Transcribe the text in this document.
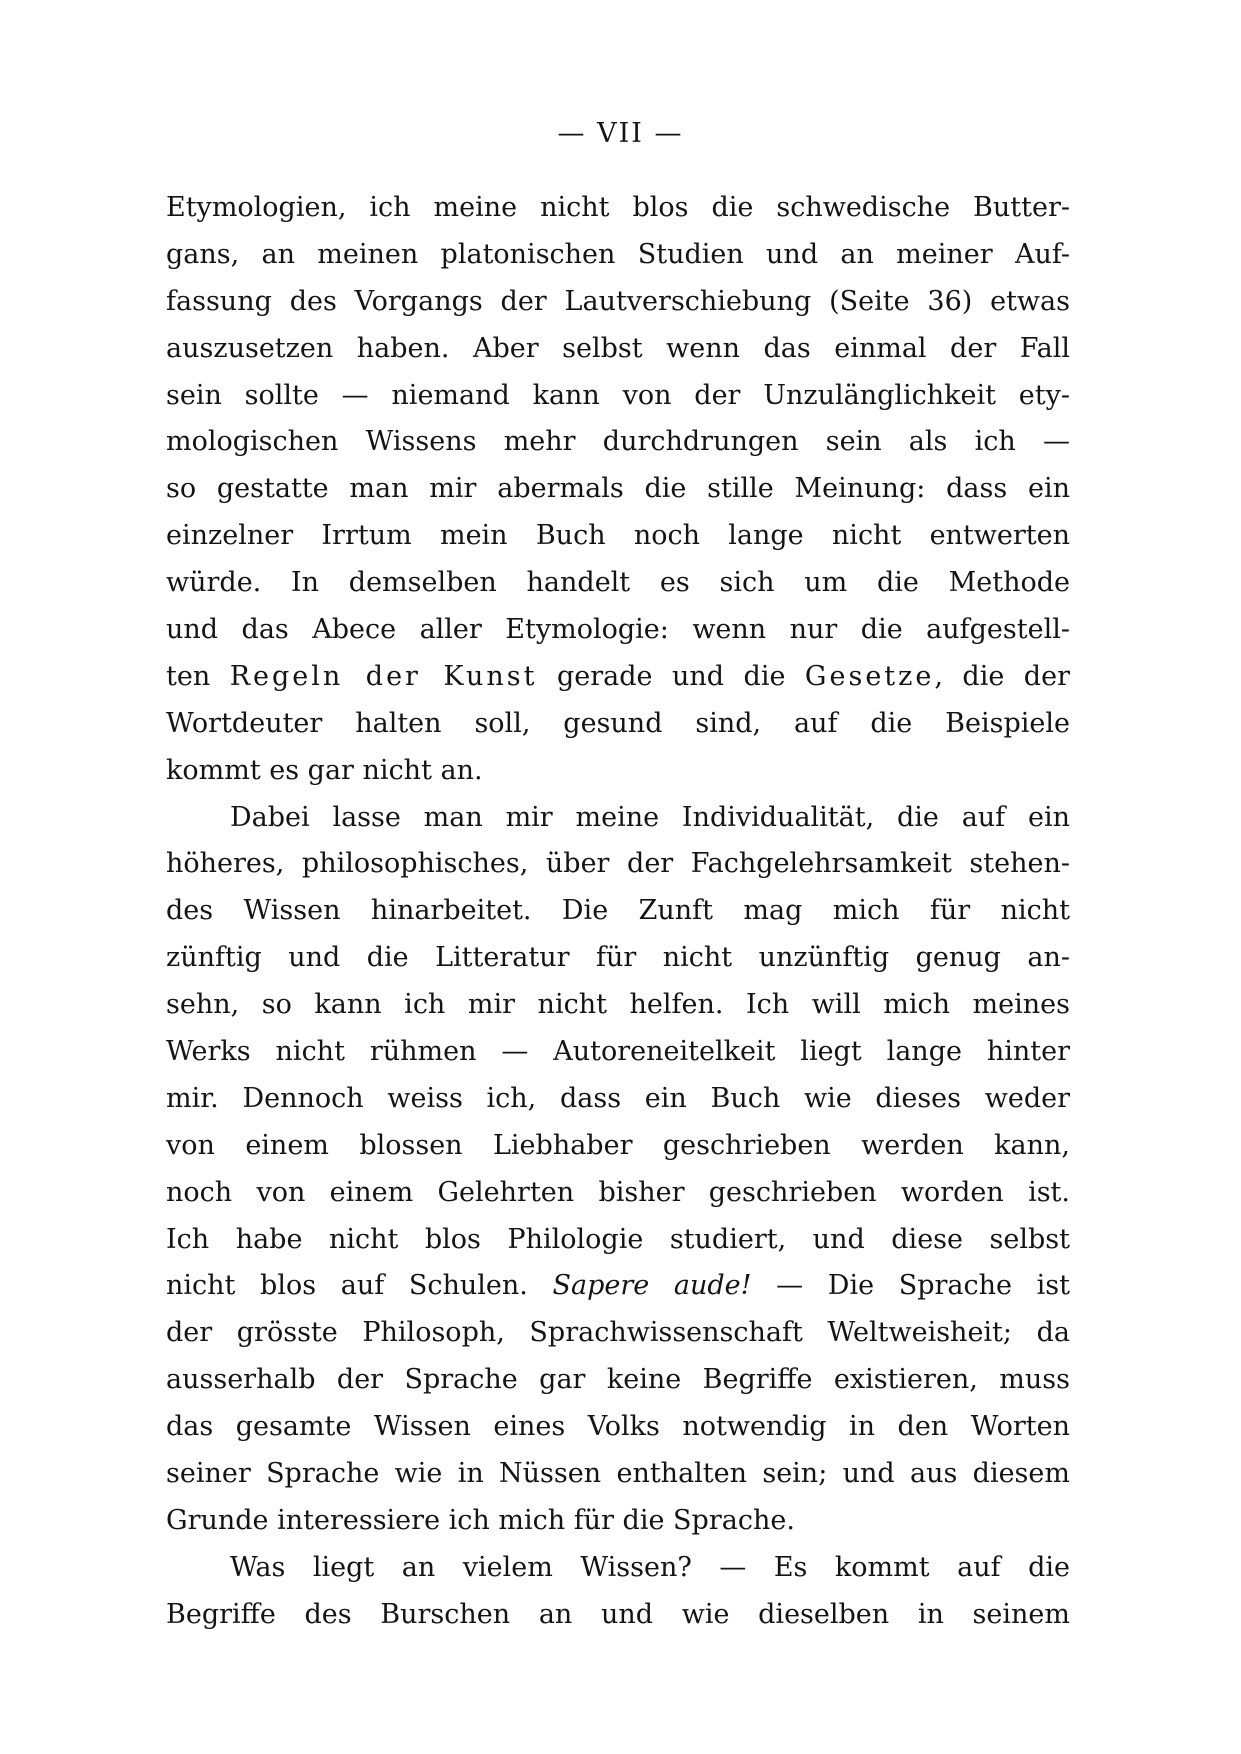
— VII —
Etymologien, ich meine nicht blos die schwedische Butter-
gans, an meinen platonischen Studien und an meiner Auf-
fassung des Vorgangs der Lautverschiebung (Seite 36) etwas
auszusetzen haben. Aber selbst wenn das einmal der Fall
sein sollte — niemand kann von der Unzulänglichkeit ety-
mologischen Wissens mehr durchdrungen sein als ich —
so gestatte man mir abermals die stille Meinung: dass ein
einzelner Irrtum mein Buch noch lange nicht entwerten
würde. In demselben handelt es sich um die Methode
und das Abece aller Etymologie: wenn nur die aufgestell-
ten Regeln der Kunst gerade und die Gesetze, die der
Wortdeuter halten soll, gesund sind, auf die Beispiele
kommt es gar nicht an.
Dabei lasse man mir meine Individualität, die auf ein
höheres, philosophisches, über der Fachgelehrsamkeit stehen-
des Wissen hinarbeitet. Die Zunft mag mich für nicht
zünftig und die Litteratur für nicht unzünftig genug an-
sehn, so kann ich mir nicht helfen. Ich will mich meines
Werks nicht rühmen — Autoreneitelkeit liegt lange hinter
mir. Dennoch weiss ich, dass ein Buch wie dieses weder
von einem blossen Liebhaber geschrieben werden kann,
noch von einem Gelehrten bisher geschrieben worden ist.
Ich habe nicht blos Philologie studiert, und diese selbst
nicht blos auf Schulen. Sapere aude! — Die Sprache ist
der grösste Philosoph, Sprachwissenschaft Weltweisheit; da
ausserhalb der Sprache gar keine Begriffe existieren, muss
das gesamte Wissen eines Volks notwendig in den Worten
seiner Sprache wie in Nüssen enthalten sein; und aus diesem
Grunde interessiere ich mich für die Sprache.
Was liegt an vielem Wissen? — Es kommt auf die
Begriffe des Burschen an und wie dieselben in seinem
